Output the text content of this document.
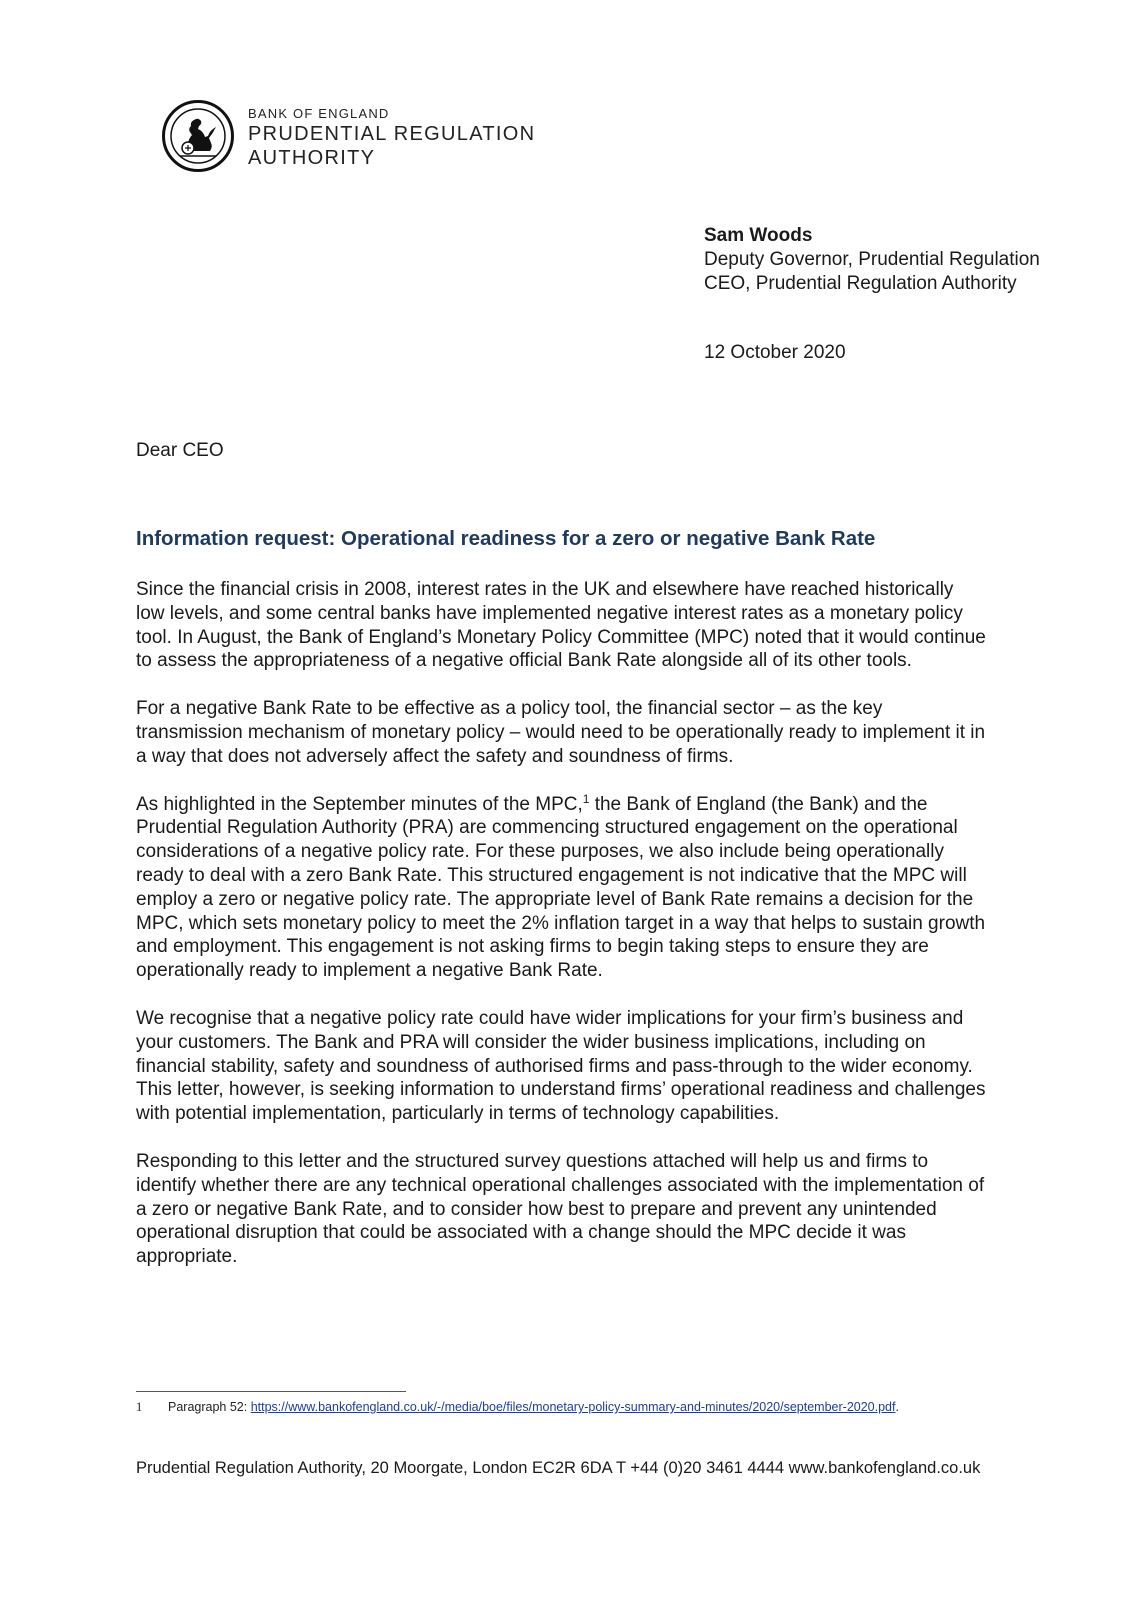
BANK OF ENGLAND
PRUDENTIAL REGULATION
AUTHORITY
Sam Woods
Deputy Governor, Prudential Regulation
CEO, Prudential Regulation Authority
12 October 2020
Dear CEO
Information request: Operational readiness for a zero or negative Bank Rate

Since the financial crisis in 2008, interest rates in the UK and elsewhere have reached historically low levels, and some central banks have implemented negative interest rates as a monetary policy tool. In August, the Bank of England’s Monetary Policy Committee (MPC) noted that it would continue to assess the appropriateness of a negative official Bank Rate alongside all of its other tools.

For a negative Bank Rate to be effective as a policy tool, the financial sector – as the key transmission mechanism of monetary policy – would need to be operationally ready to implement it in a way that does not adversely affect the safety and soundness of firms.

As highlighted in the September minutes of the MPC,$^1$ the Bank of England (the Bank) and the Prudential Regulation Authority (PRA) are commencing structured engagement on the operational considerations of a negative policy rate. For these purposes, we also include being operationally ready to deal with a zero Bank Rate. This structured engagement is not indicative that the MPC will employ a zero or negative policy rate. The appropriate level of Bank Rate remains a decision for the MPC, which sets monetary policy to meet the 2% inflation target in a way that helps to sustain growth and employment. This engagement is not asking firms to begin taking steps to ensure they are operationally ready to implement a negative Bank Rate.

We recognise that a negative policy rate could have wider implications for your firm’s business and your customers. The Bank and PRA will consider the wider business implications, including on financial stability, safety and soundness of authorised firms and pass-through to the wider economy. This letter, however, is seeking information to understand firms’ operational readiness and challenges with potential implementation, particularly in terms of technology capabilities.

Responding to this letter and the structured survey questions attached will help us and firms to identify whether there are any technical operational challenges associated with the implementation of a zero or negative Bank Rate, and to consider how best to prepare and prevent any unintended operational disruption that could be associated with a change should the MPC decide it was appropriate.

1	Paragraph 52: https://www.bankofengland.co.uk/-/media/boe/files/monetary-policy-summary-and-minutes/2020/september-2020.pdf.
Prudential Regulation Authority, 20 Moorgate, London EC2R 6DA T +44 (0)20 3461 4444 www.bankofengland.co.uk
